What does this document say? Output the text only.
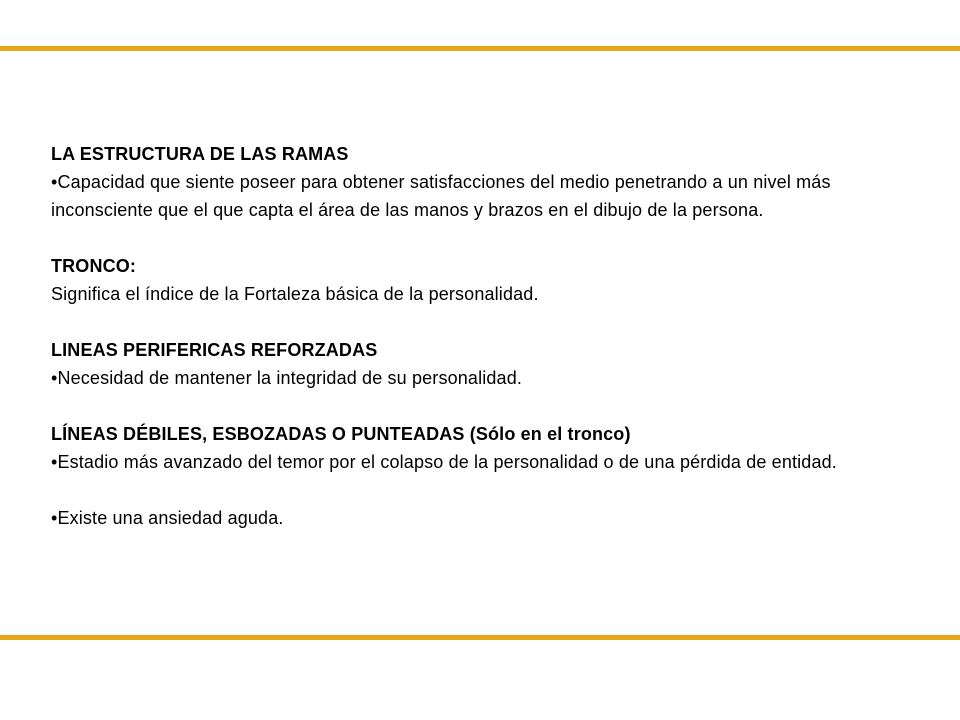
LA ESTRUCTURA DE LAS RAMAS
•Capacidad que siente poseer para obtener satisfacciones del medio penetrando a un nivel más inconsciente que el que capta el área de las manos y brazos en el dibujo de la persona.
TRONCO:
Significa el índice de la Fortaleza básica de la personalidad.
LINEAS PERIFERICAS REFORZADAS
•Necesidad de mantener la integridad de su personalidad.
LÍNEAS DÉBILES, ESBOZADAS O PUNTEADAS (Sólo en el tronco)
•Estadio más avanzado del temor por el colapso de la personalidad o de una pérdida de entidad.
•Existe una ansiedad aguda.
